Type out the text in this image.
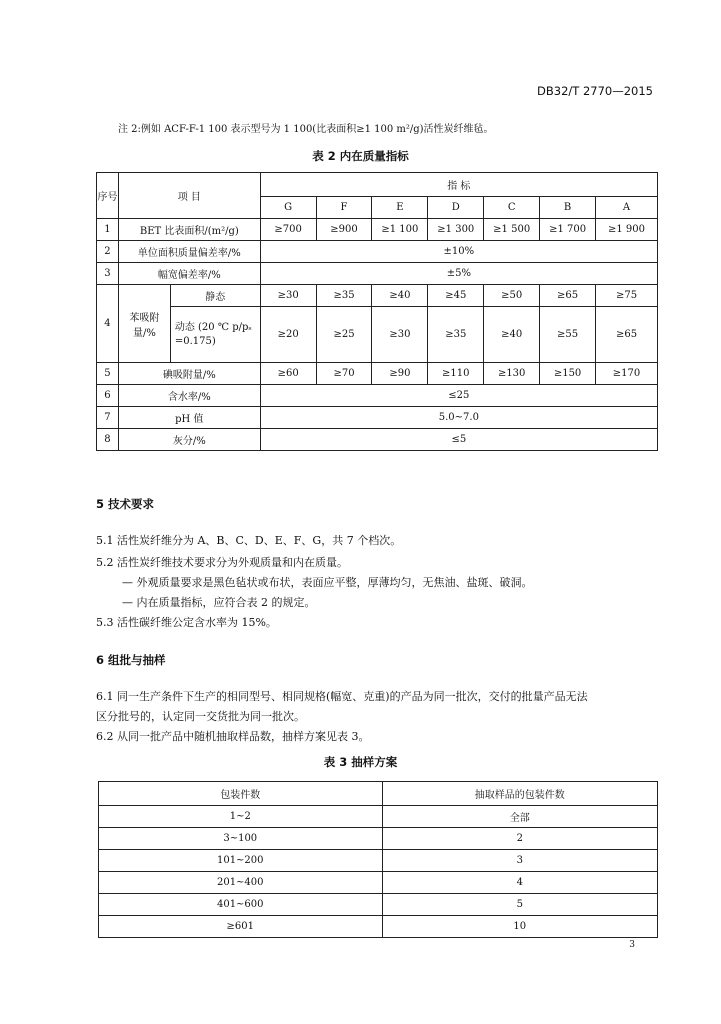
DB32/T 2770—2015
注 2:例如 ACF-F-1 100 表示型号为 1 100(比表面积≥1 100 m²/g)活性炭纤维毡。
表 2 内在质量指标
序号	项 目		指 标						
			G	F	E	D	C	B	A
1	BET 比表面积/(m²/g)		≥700	≥900	≥1 100	≥1 300	≥1 500	≥1 700	≥1 900
2	单位面积质量偏差率/%		±10%						
3	幅宽偏差率/%		±5%						
4	苯吸附量/%	静态	≥30	≥35	≥40	≥45	≥50	≥65	≥75
		动态 (20 ℃ p/pₛ =0.175)	≥20	≥25	≥30	≥35	≥40	≥55	≥65
5	碘吸附量/%		≥60	≥70	≥90	≥110	≥130	≥150	≥170
6	含水率/%		≤25						
7	pH 值		5.0~7.0						
8	灰分/%		≤5						
5 技术要求
5.1 活性炭纤维分为 A、B、C、D、E、F、G，共 7 个档次。
5.2 活性炭纤维技术要求分为外观质量和内在质量。
— 外观质量要求是黑色毡状或布状，表面应平整，厚薄均匀，无焦油、盐斑、破洞。
— 内在质量指标，应符合表 2 的规定。
5.3 活性碳纤维公定含水率为 15%。
6 组批与抽样
6.1 同一生产条件下生产的相同型号、相同规格(幅宽、克重)的产品为同一批次，交付的批量产品无法
区分批号的，认定同一交货批为同一批次。
6.2 从同一批产品中随机抽取样品数，抽样方案见表 3。
表 3 抽样方案
包装件数	抽取样品的包装件数
1~2	全部
3~100	2
101~200	3
201~400	4
401~600	5
≥601	10
3
